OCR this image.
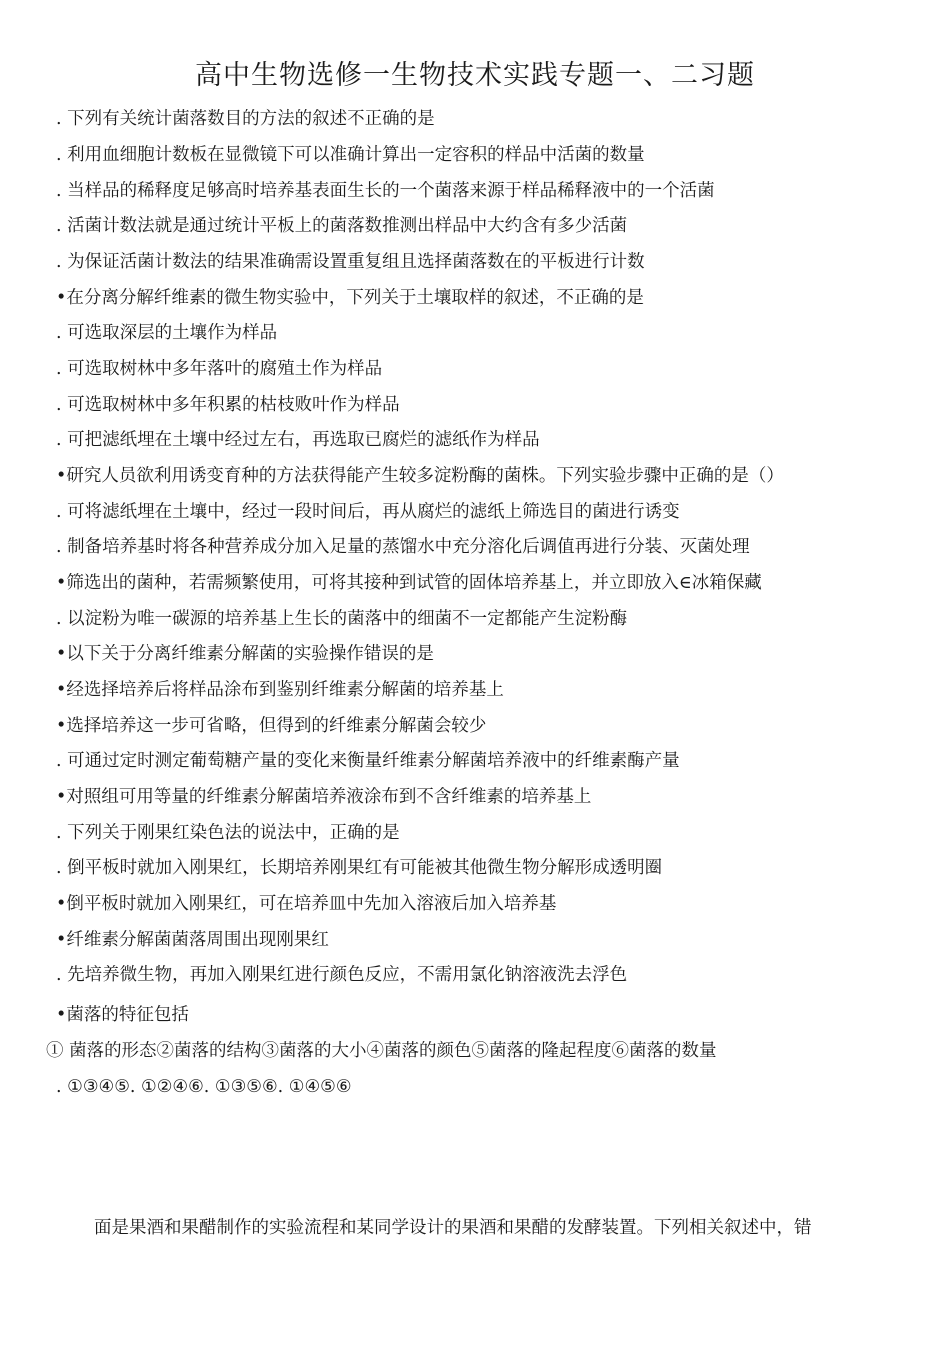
高中生物选修一生物技术实践专题一、二习题
. 下列有关统计菌落数目的方法的叙述不正确的是
. 利用血细胞计数板在显微镜下可以准确计算出一定容积的样品中活菌的数量
. 当样品的稀释度足够高时培养基表面生长的一个菌落来源于样品稀释液中的一个活菌
. 活菌计数法就是通过统计平板上的菌落数推测出样品中大约含有多少活菌
. 为保证活菌计数法的结果准确需设置重复组且选择菌落数在的平板进行计数
•在分离分解纤维素的微生物实验中，下列关于土壤取样的叙述，不正确的是
. 可选取深层的土壤作为样品
. 可选取树林中多年落叶的腐殖土作为样品
. 可选取树林中多年积累的枯枝败叶作为样品
. 可把滤纸埋在土壤中经过左右，再选取已腐烂的滤纸作为样品
•研究人员欲利用诱变育种的方法获得能产生较多淀粉酶的菌株。下列实验步骤中正确的是（）
. 可将滤纸埋在土壤中，经过一段时间后，再从腐烂的滤纸上筛选目的菌进行诱变
. 制备培养基时将各种营养成分加入足量的蒸馏水中充分溶化后调值再进行分装、灭菌处理
•筛选出的菌种，若需频繁使用，可将其接种到试管的固体培养基上，并立即放入∈冰箱保藏
. 以淀粉为唯一碳源的培养基上生长的菌落中的细菌不一定都能产生淀粉酶
•以下关于分离纤维素分解菌的实验操作错误的是
•经选择培养后将样品涂布到鉴别纤维素分解菌的培养基上
•选择培养这一步可省略，但得到的纤维素分解菌会较少
. 可通过定时测定葡萄糖产量的变化来衡量纤维素分解菌培养液中的纤维素酶产量
•对照组可用等量的纤维素分解菌培养液涂布到不含纤维素的培养基上
. 下列关于刚果红染色法的说法中，正确的是
. 倒平板时就加入刚果红，长期培养刚果红有可能被其他微生物分解形成透明圈
•倒平板时就加入刚果红，可在培养皿中先加入溶液后加入培养基
•纤维素分解菌菌落周围出现刚果红
. 先培养微生物，再加入刚果红进行颜色反应，不需用氯化钠溶液洗去浮色
•菌落的特征包括
① 菌落的形态②菌落的结构③菌落的大小④菌落的颜色⑤菌落的隆起程度⑥菌落的数量
. ①③④⑤. ①②④⑥. ①③⑤⑥. ①④⑤⑥
面是果酒和果醋制作的实验流程和某同学设计的果酒和果醋的发酵装置。下列相关叙述中，错
